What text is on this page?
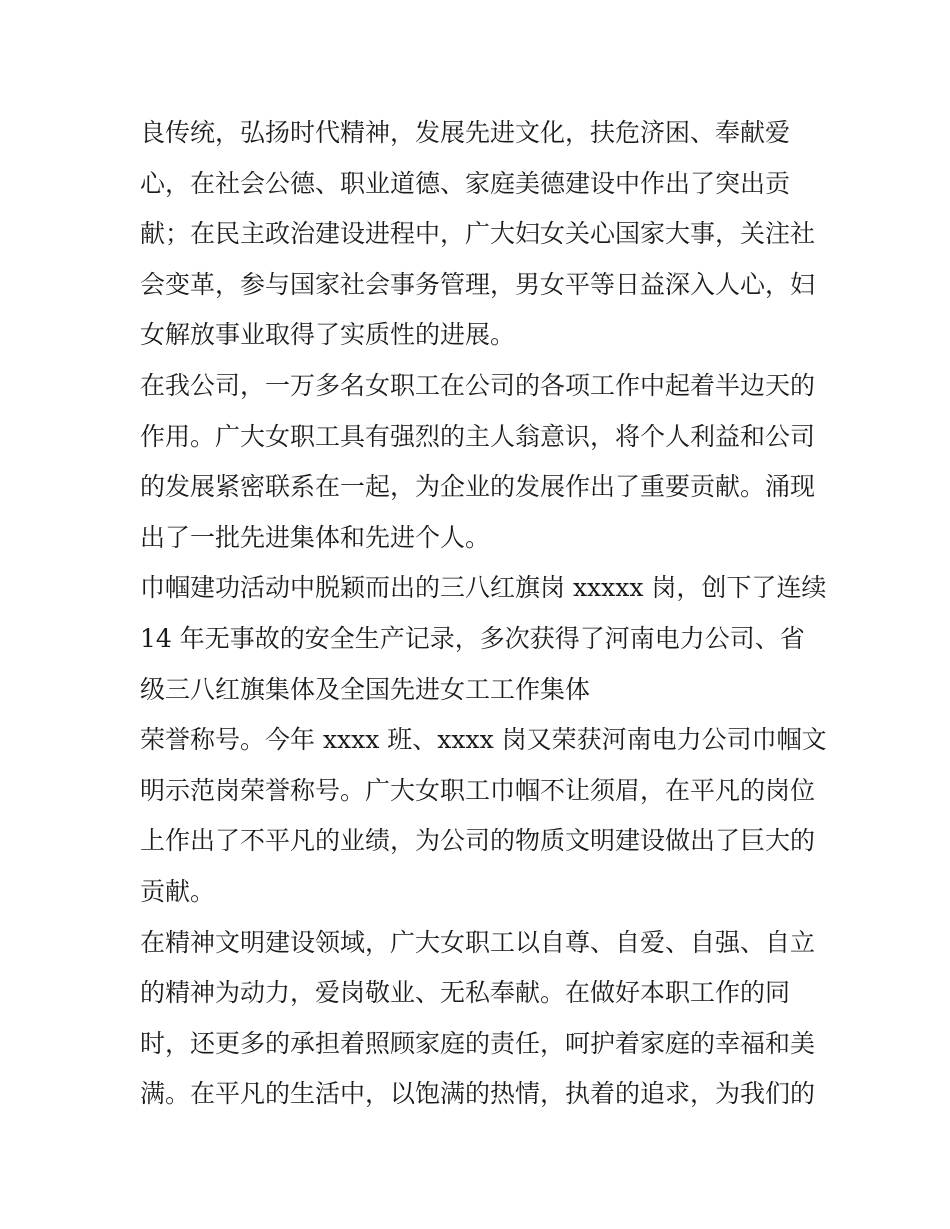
良传统，弘扬时代精神，发展先进文化，扶危济困、奉献爱
心，在社会公德、职业道德、家庭美德建设中作出了突出贡
献；在民主政治建设进程中，广大妇女关心国家大事，关注社
会变革，参与国家社会事务管理，男女平等日益深入人心，妇
女解放事业取得了实质性的进展。

在我公司，一万多名女职工在公司的各项工作中起着半边天的
作用。广大女职工具有强烈的主人翁意识，将个人利益和公司
的发展紧密联系在一起，为企业的发展作出了重要贡献。涌现
出了一批先进集体和先进个人。

巾帼建功活动中脱颖而出的三八红旗岗 xxxxx 岗，创下了连续
14 年无事故的安全生产记录，多次获得了河南电力公司、省
级三八红旗集体及全国先进女工工作集体

荣誉称号。今年 xxxx 班、xxxx 岗又荣获河南电力公司巾帼文
明示范岗荣誉称号。广大女职工巾帼不让须眉，在平凡的岗位
上作出了不平凡的业绩，为公司的物质文明建设做出了巨大的
贡献。

在精神文明建设领域，广大女职工以自尊、自爱、自强、自立
的精神为动力，爱岗敬业、无私奉献。在做好本职工作的同
时，还更多的承担着照顾家庭的责任，呵护着家庭的幸福和美
满。在平凡的生活中，以饱满的热情，执着的追求，为我们的
